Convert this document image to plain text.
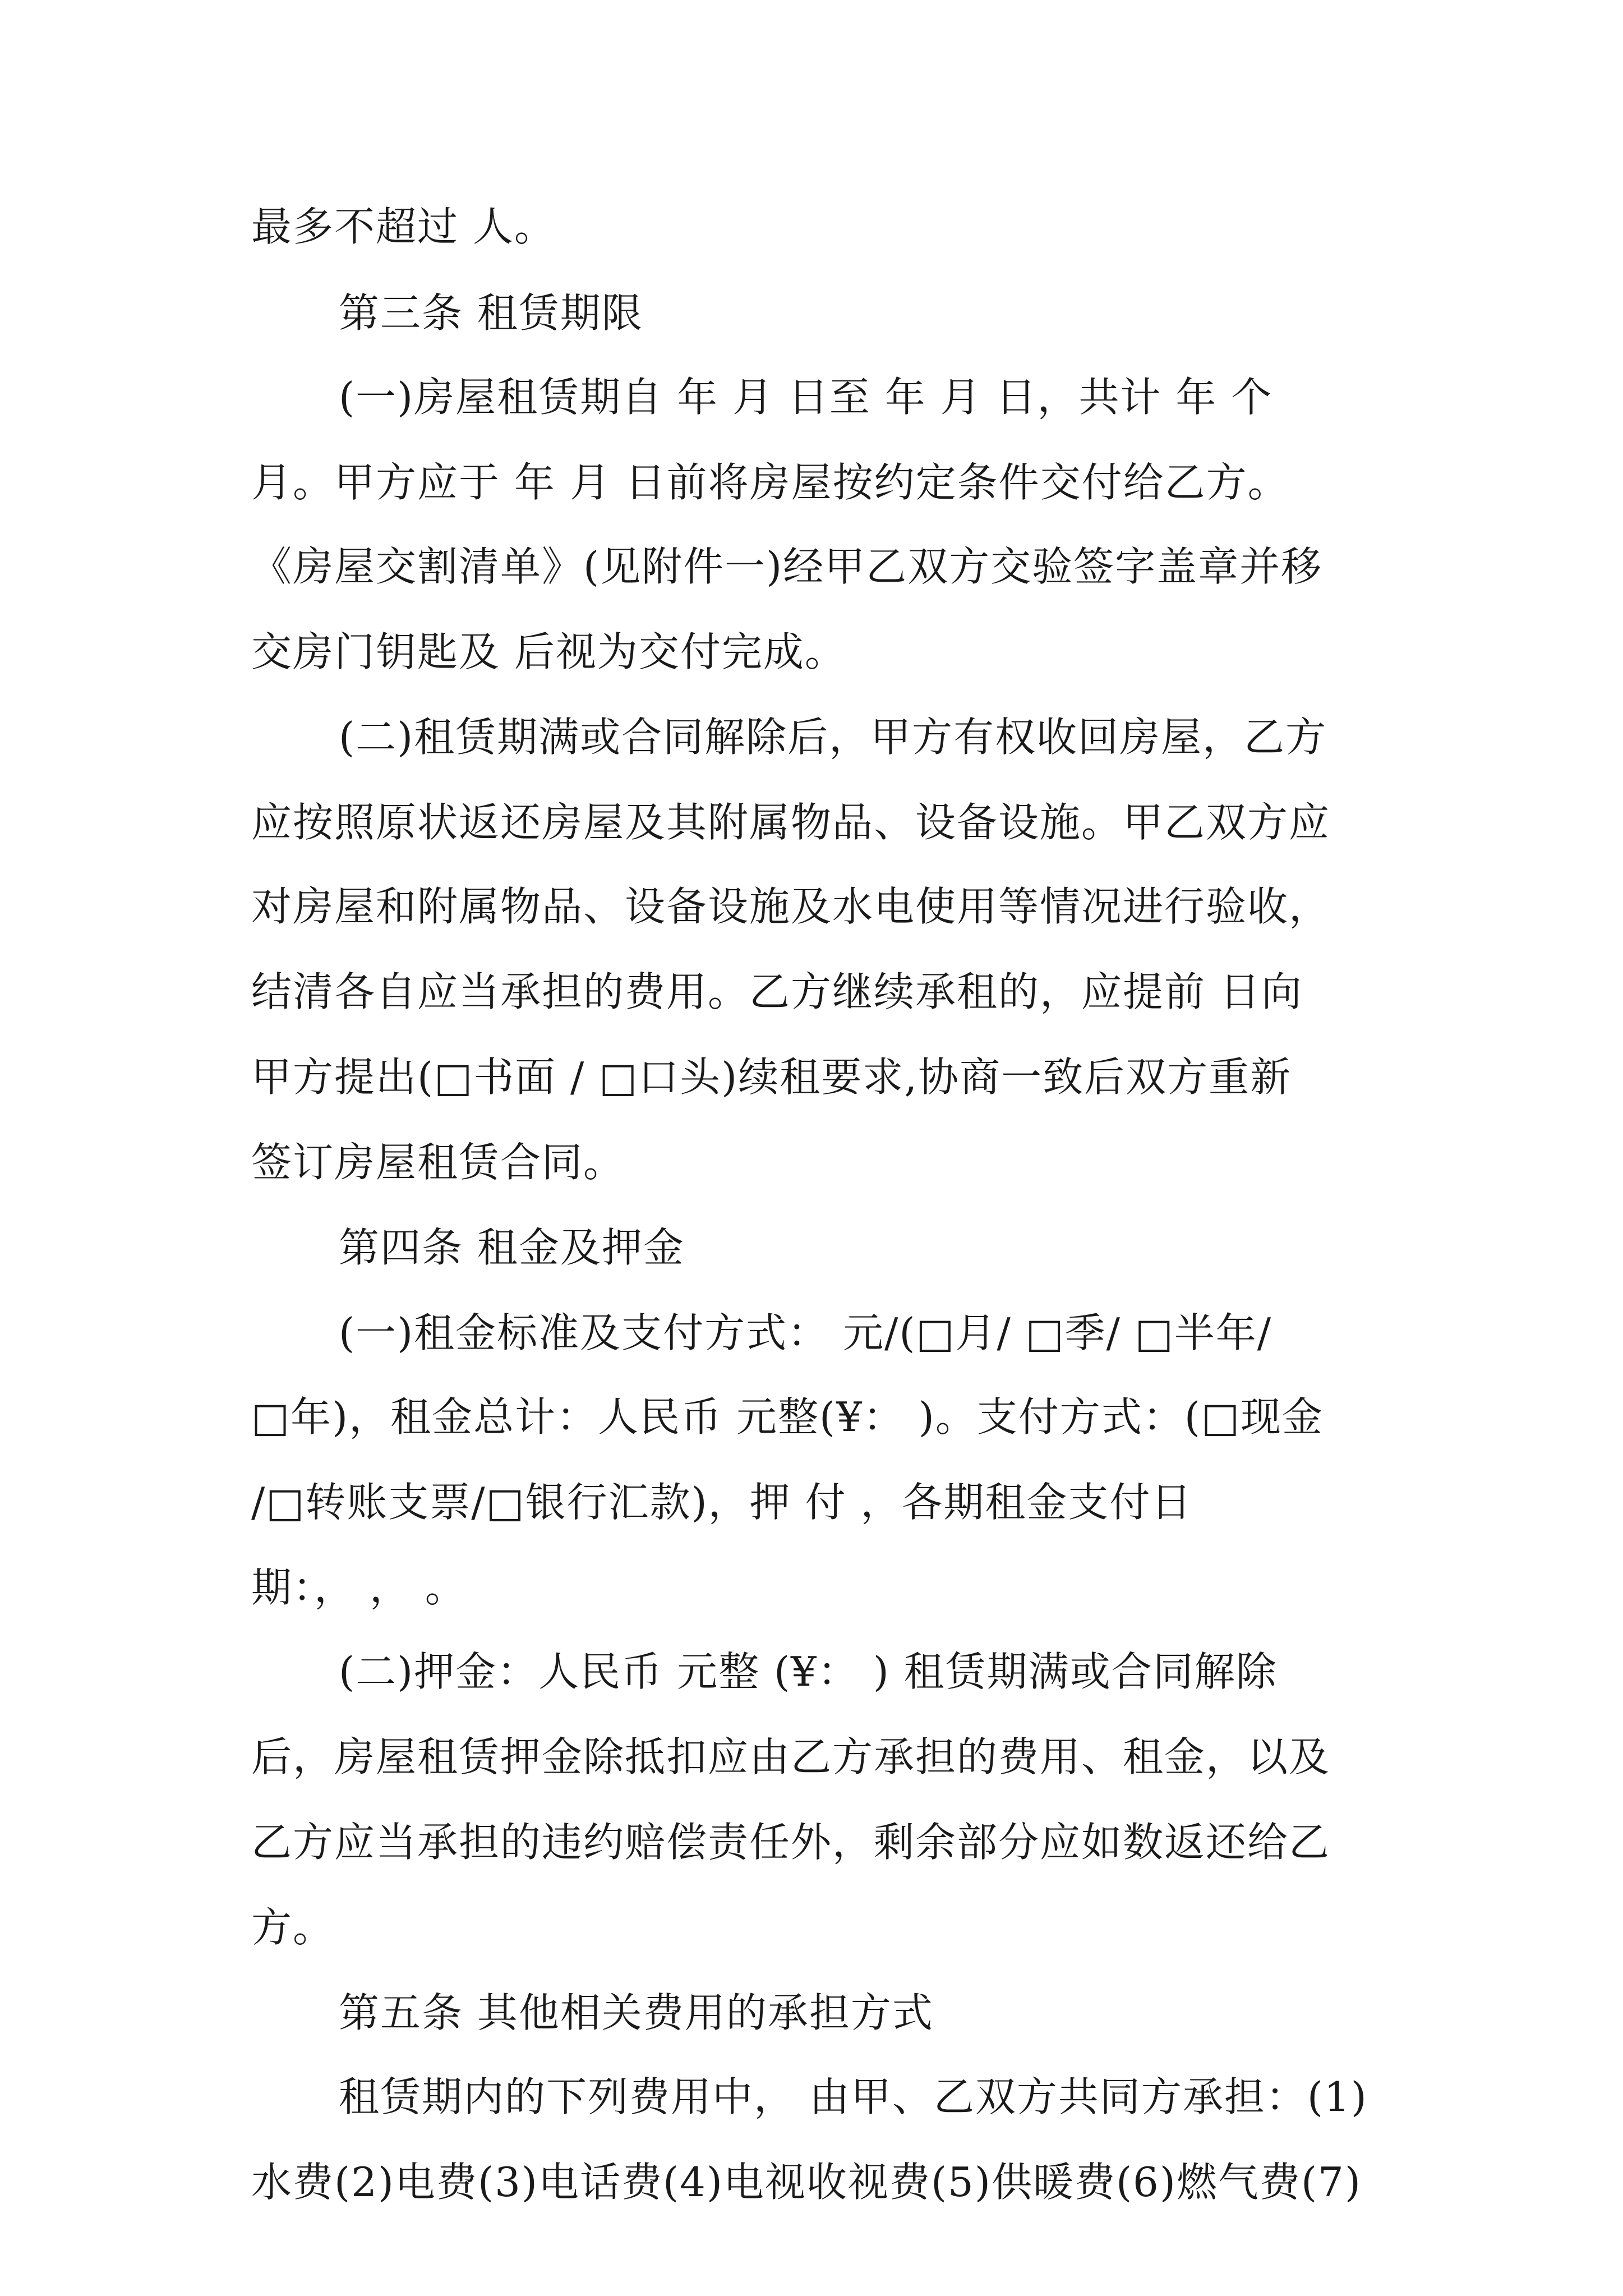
最多不超过 人。
第三条 租赁期限
(一)房屋租赁期自 年 月 日至 年 月 日，共计 年 个
月。甲方应于 年 月 日前将房屋按约定条件交付给乙方。
《房屋交割清单》(见附件一)经甲乙双方交验签字盖章并移
交房门钥匙及 后视为交付完成。
(二)租赁期满或合同解除后，甲方有权收回房屋，乙方
应按照原状返还房屋及其附属物品、设备设施。甲乙双方应
对房屋和附属物品、设备设施及水电使用等情况进行验收，
结清各自应当承担的费用。乙方继续承租的，应提前 日向
甲方提出(□书面 / □口头)续租要求,协商一致后双方重新
签订房屋租赁合同。
第四条 租金及押金
(一)租金标准及支付方式： 元/(□月/ □季/ □半年/
□年)，租金总计：人民币 元整(¥： )。支付方式：(□现金
/□转账支票/□银行汇款)，押 付 ，各期租金支付日
期：， ， 。
(二)押金：人民币 元整 (¥： ) 租赁期满或合同解除
后，房屋租赁押金除抵扣应由乙方承担的费用、租金，以及
乙方应当承担的违约赔偿责任外，剩余部分应如数返还给乙
方。
第五条 其他相关费用的承担方式
租赁期内的下列费用中， 由甲、乙双方共同方承担：(1)
水费(2)电费(3)电话费(4)电视收视费(5)供暖费(6)燃气费(7)
